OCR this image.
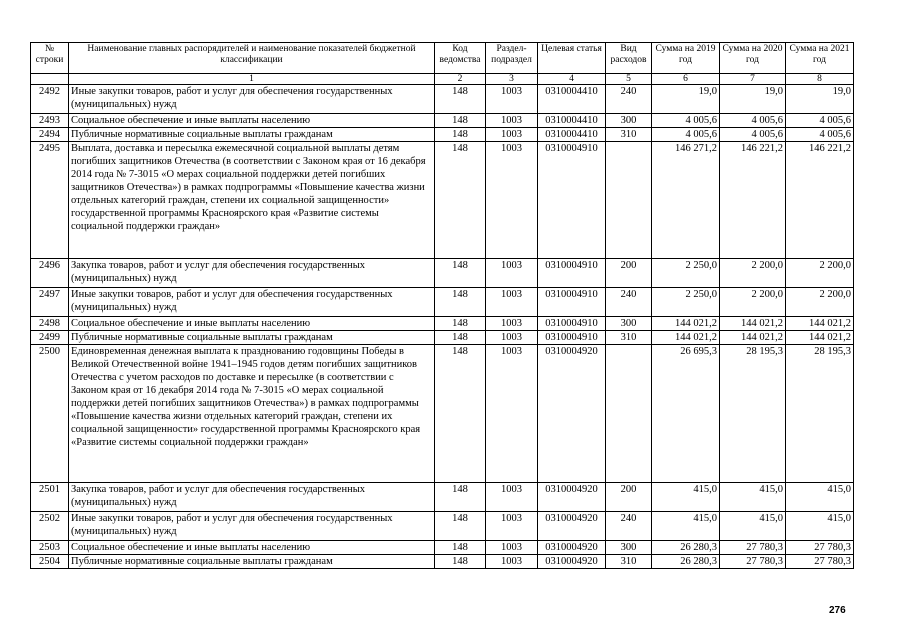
№ строки	Наименование главных распорядителей и наименование показателей бюджетной классификации	Код ведомства	Раздел-подраздел	Целевая статья	Вид расходов	Сумма на 2019 год	Сумма на 2020 год	Сумма на 2021 год
	1	2	3	4	5	6	7	8
2492	Иные закупки товаров, работ и услуг для обеспечения государственных (муниципальных) нужд	148	1003	0310004410	240	19,0	19,0	19,0
2493	Социальное обеспечение и иные выплаты населению	148	1003	0310004410	300	4 005,6	4 005,6	4 005,6
2494	Публичные нормативные социальные выплаты гражданам	148	1003	0310004410	310	4 005,6	4 005,6	4 005,6
2495	Выплата, доставка и пересылка ежемесячной социальной выплаты детям погибших защитников Отечества (в соответствии с Законом края от 16 декабря 2014 года № 7-3015 «О мерах социальной поддержки детей погибших защитников Отечества») в рамках подпрограммы «Повышение качества жизни отдельных категорий граждан, степени их социальной защищенности» государственной программы Красноярского края «Развитие системы социальной поддержки граждан»	148	1003	0310004910		146 271,2	146 221,2	146 221,2
2496	Закупка товаров, работ и услуг для обеспечения государственных (муниципальных) нужд	148	1003	0310004910	200	2 250,0	2 200,0	2 200,0
2497	Иные закупки товаров, работ и услуг для обеспечения государственных (муниципальных) нужд	148	1003	0310004910	240	2 250,0	2 200,0	2 200,0
2498	Социальное обеспечение и иные выплаты населению	148	1003	0310004910	300	144 021,2	144 021,2	144 021,2
2499	Публичные нормативные социальные выплаты гражданам	148	1003	0310004910	310	144 021,2	144 021,2	144 021,2
2500	Единовременная денежная выплата к празднованию годовщины Победы в Великой Отечественной войне 1941–1945 годов детям погибших защитников Отечества с учетом расходов по доставке и пересылке (в соответствии с Законом края от 16 декабря 2014 года № 7-3015 «О мерах социальной поддержки детей погибших защитников Отечества») в рамках подпрограммы «Повышение качества жизни отдельных категорий граждан, степени их социальной защищенности» государственной программы Красноярского края «Развитие системы социальной поддержки граждан»	148	1003	0310004920		26 695,3	28 195,3	28 195,3
2501	Закупка товаров, работ и услуг для обеспечения государственных (муниципальных) нужд	148	1003	0310004920	200	415,0	415,0	415,0
2502	Иные закупки товаров, работ и услуг для обеспечения государственных (муниципальных) нужд	148	1003	0310004920	240	415,0	415,0	415,0
2503	Социальное обеспечение и иные выплаты населению	148	1003	0310004920	300	26 280,3	27 780,3	27 780,3
2504	Публичные нормативные социальные выплаты гражданам	148	1003	0310004920	310	26 280,3	27 780,3	27 780,3
276
